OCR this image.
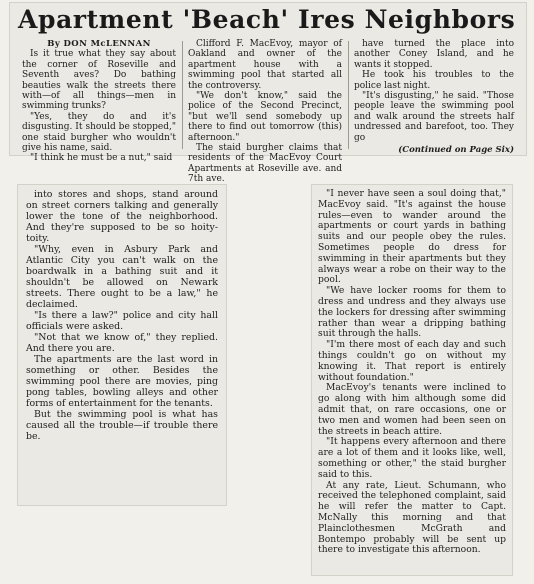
Apartment 'Beach' Ires Neighbors
By DON McLENNAN

Is it true what they say about the corner of Roseville and Seventh aves? Do bathing beauties walk the streets there with—of all things—men in swimming trunks?

"Yes, they do and it's disgusting. It should be stopped," one staid burgher who wouldn't give his name, said.

"I think he must be a nut," said

Clifford F. MacEvoy, mayor of Oakland and owner of the apartment house with a swimming pool that started all the controversy.

"We don't know," said the police of the Second Precinct, "but we'll send somebody up there to find out tomorrow (this) afternoon."

The staid burgher claims that residents of the MacEvoy Court Apartments at Roseville ave. and 7th ave.

have turned the place into another Coney Island, and he wants it stopped.

He took his troubles to the police last night.

"It's disgusting," he said. "Those people leave the swimming pool and walk around the streets half undressed and barefoot, too. They go

(Continued on Page Six)

into stores and shops, stand around on street corners talking and generally lower the tone of the neighborhood. And they're supposed to be so hoity-toity.

"Why, even in Asbury Park and Atlantic City you can't walk on the boardwalk in a bathing suit and it shouldn't be allowed on Newark streets. There ought to be a law," he declaimed.

"Is there a law?" police and city hall officials were asked.

"Not that we know of," they replied. And there you are.

The apartments are the last word in something or other. Besides the swimming pool there are movies, ping pong tables, bowling alleys and other forms of entertainment for the tenants.

But the swimming pool is what has caused all the trouble—if trouble there be.

"I never have seen a soul doing that," MacEvoy said. "It's against the house rules—even to wander around the apartments or court yards in bathing suits and our people obey the rules. Sometimes people do dress for swimming in their apartments but they always wear a robe on their way to the pool.

"We have locker rooms for them to dress and undress and they always use the lockers for dressing after swimming rather than wear a dripping bathing suit through the halls.

"I'm there most of each day and such things couldn't go on without my knowing it. That report is entirely without foundation."

MacEvoy's tenants were inclined to go along with him although some did admit that, on rare occasions, one or two men and women had been seen on the streets in beach attire.

"It happens every afternoon and there are a lot of them and it looks like, well, something or other," the staid burgher said to this.

At any rate, Lieut. Schumann, who received the telephoned complaint, said he will refer the matter to Capt. McNally this morning and that Plainclothesmen McGrath and Bontempo probably will be sent up there to investigate this afternoon.
